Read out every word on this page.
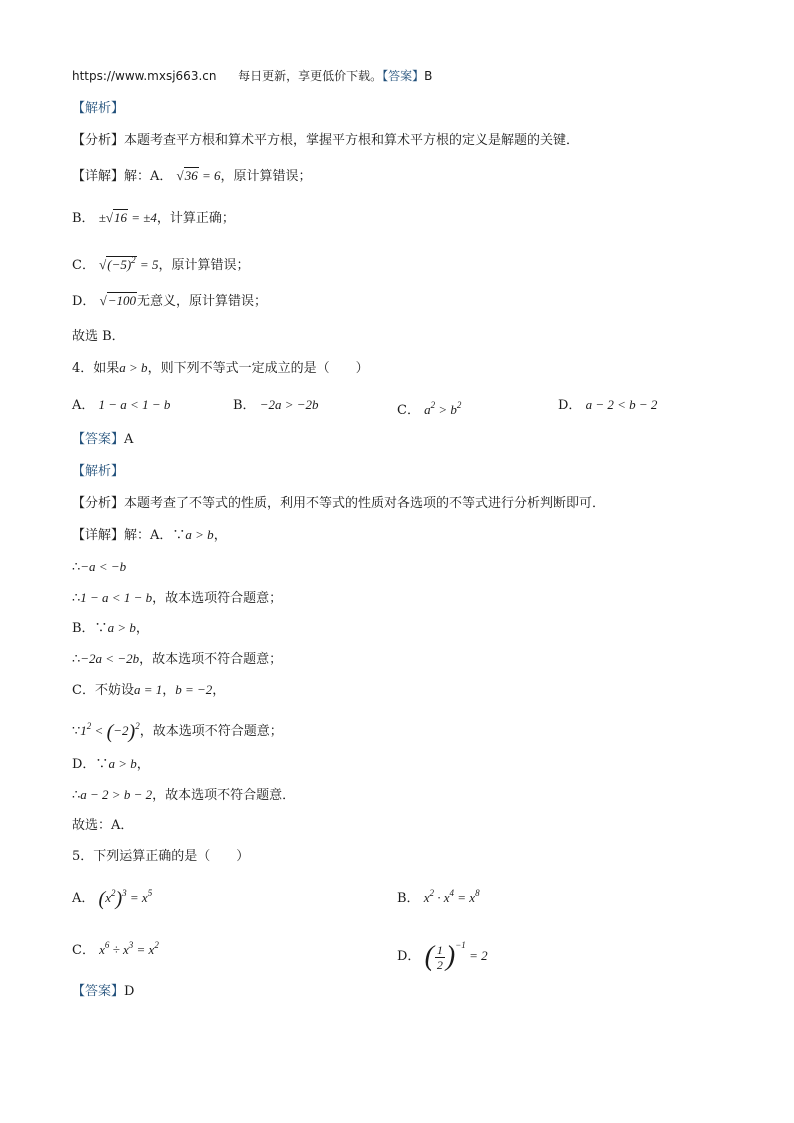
https://www.mxsj663.cn 每日更新，享更低价下载。【答案】B
【解析】
【分析】本题考查平方根和算术平方根，掌握平方根和算术平方根的定义是解题的关键．
【详解】解：A． √36 = 6，原计算错误；
B． ±√16 = ±4，计算正确；
C． $√(-5)^2 = 5$，原计算错误；
D． √−100无意义，原计算错误；
故选 B．
4．如果a > b，则下列不等式一定成立的是（　　）
A． 1 − a < 1 − b	B． −2a > −2b	C． $a^2 > b^2$	D． a − 2 < b − 2
【答案】A
【解析】
【分析】本题考查了不等式的性质，利用不等式的性质对各选项的不等式进行分析判断即可．
【详解】解：A．∵a > b，
∴−a < −b
∴1 − a < 1 − b，故本选项符合题意；
B．∵a > b，
∴−2a < −2b，故本选项不符合题意；
C．不妨设a = 1，b = −2，
$\because 1^2 < (-2)^2$，故本选项不符合题意；
D．∵a > b，
∴a − 2 > b − 2，故本选项不符合题意．
故选：A．
5．下列运算正确的是（　　）
A． $(x^2)^3 = x^5$	B． $x^2 \cdot x^4 = x^8$
C． $x^6 \div x^3 = x^2$
D． ( $\frac{1}{2} )^{-1} = 2$
【答案】D
